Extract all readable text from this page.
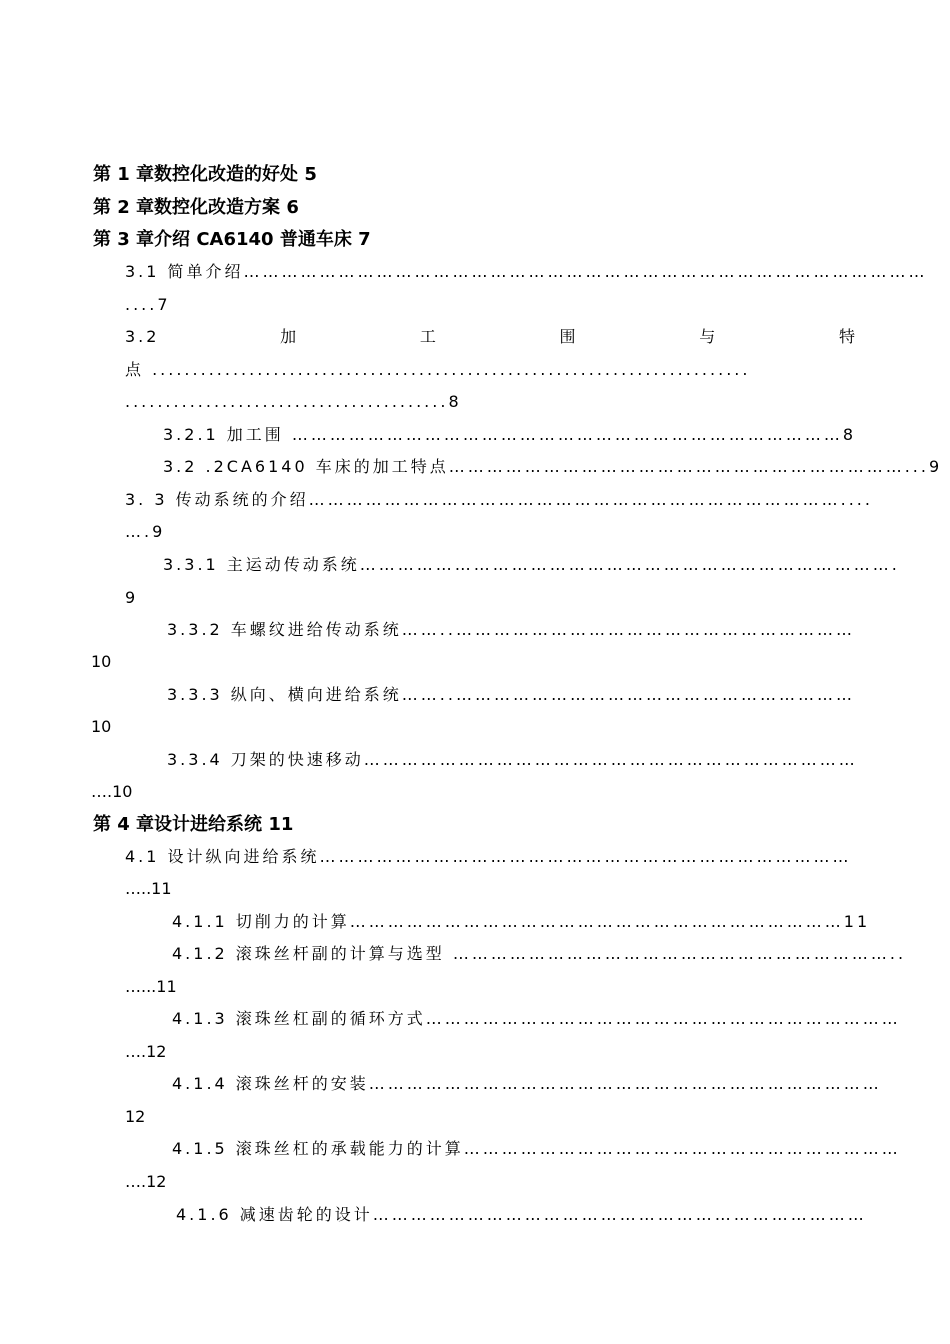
第 1 章数控化改造的好处 5
第 2 章数控化改造方案 6
第 3 章介绍 CA6140 普通车床 7
3.1 简单介绍………………………………………………………………………………………………
....7
3.2	加	工	围	与	特
点 ..........................................................................
........................................8
3.2.1 加工围 ……………………………………………………………………………8
3.2 .2CA6140 车床的加工特点………………………………………………………………...9
3. 3 传动系统的介绍…………………………………………………………………………....
….9
3.3.1 主运动传动系统………………………………………………………………………….
9
3.3.2 车螺纹进给传动系统……..………………………………………………………
10
3.3.3 纵向、横向进给系统……..………………………………………………………
10
3.3.4 刀架的快速移动……………………………………………………………………
….10
第 4 章设计进给系统 11
4.1 设计纵向进给系统…………………………………………………………………………
…..11
4.1.1 切削力的计算……………………………………………………………………11
4.1.2 滚珠丝杆副的计算与选型 ……………………………………………………………..
…...11
4.1.3 滚珠丝杠副的循环方式…………………………………………………………………
….12
4.1.4 滚珠丝杆的安装………………………………………………………………………
12
4.1.5 滚珠丝杠的承载能力的计算……………………………………………………………
….12
4.1.6 减速齿轮的设计……………………………………………………………………
